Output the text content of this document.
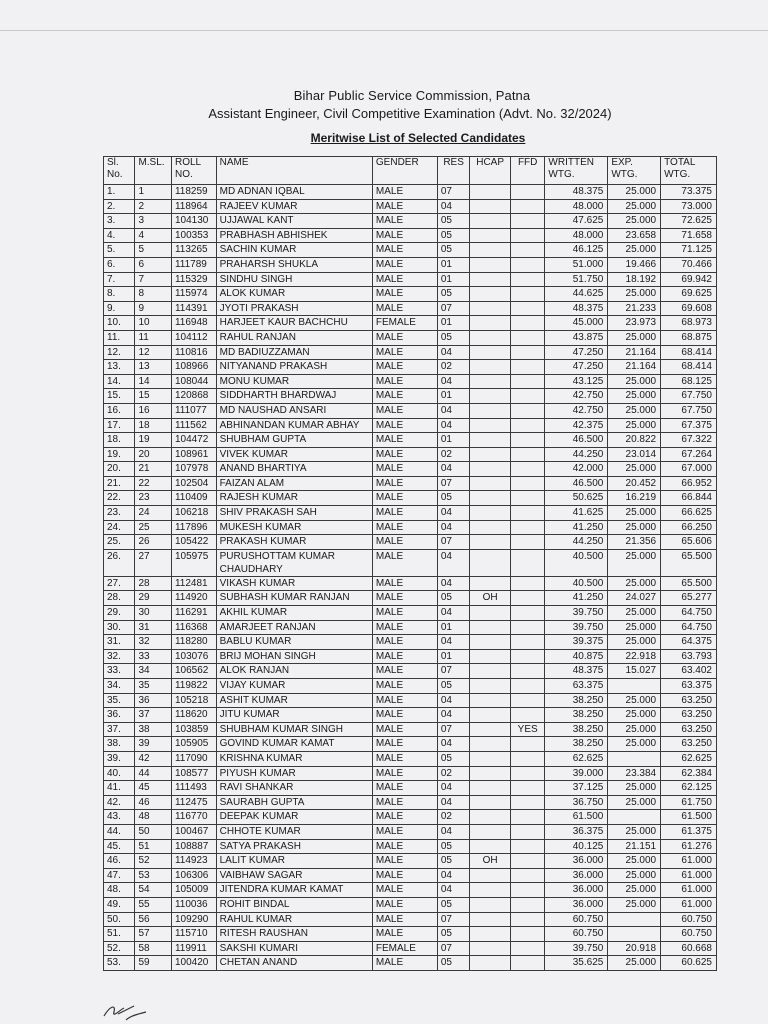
Bihar Public Service Commission, Patna
Assistant Engineer, Civil Competitive Examination (Advt. No. 32/2024)
Meritwise List of Selected Candidates
Sl. No.	M.SL.	ROLL NO.	NAME	GENDER	RES	HCAP	FFD	WRITTEN WTG.	EXP. WTG.	TOTAL WTG.
1.	1	118259	MD ADNAN IQBAL	MALE	07			48.375	25.000	73.375
2.	2	118964	RAJEEV KUMAR	MALE	04			48.000	25.000	73.000
3.	3	104130	UJJAWAL KANT	MALE	05			47.625	25.000	72.625
4.	4	100353	PRABHASH ABHISHEK	MALE	05			48.000	23.658	71.658
5.	5	113265	SACHIN KUMAR	MALE	05			46.125	25.000	71.125
6.	6	111789	PRAHARSH SHUKLA	MALE	01			51.000	19.466	70.466
7.	7	115329	SINDHU SINGH	MALE	01			51.750	18.192	69.942
8.	8	115974	ALOK KUMAR	MALE	05			44.625	25.000	69.625
9.	9	114391	JYOTI PRAKASH	MALE	07			48.375	21.233	69.608
10.	10	116948	HARJEET KAUR BACHCHU	FEMALE	01			45.000	23.973	68.973
11.	11	104112	RAHUL RANJAN	MALE	05			43.875	25.000	68.875
12.	12	110816	MD BADIUZZAMAN	MALE	04			47.250	21.164	68.414
13.	13	108966	NITYANAND PRAKASH	MALE	02			47.250	21.164	68.414
14.	14	108044	MONU KUMAR	MALE	04			43.125	25.000	68.125
15.	15	120868	SIDDHARTH BHARDWAJ	MALE	01			42.750	25.000	67.750
16.	16	111077	MD NAUSHAD ANSARI	MALE	04			42.750	25.000	67.750
17.	18	111562	ABHINANDAN KUMAR ABHAY	MALE	04			42.375	25.000	67.375
18.	19	104472	SHUBHAM GUPTA	MALE	01			46.500	20.822	67.322
19.	20	108961	VIVEK KUMAR	MALE	02			44.250	23.014	67.264
20.	21	107978	ANAND BHARTIYA	MALE	04			42.000	25.000	67.000
21.	22	102504	FAIZAN ALAM	MALE	07			46.500	20.452	66.952
22.	23	110409	RAJESH KUMAR	MALE	05			50.625	16.219	66.844
23.	24	106218	SHIV PRAKASH SAH	MALE	04			41.625	25.000	66.625
24.	25	117896	MUKESH KUMAR	MALE	04			41.250	25.000	66.250
25.	26	105422	PRAKASH KUMAR	MALE	07			44.250	21.356	65.606
26.	27	105975	PURUSHOTTAM KUMAR CHAUDHARY	MALE	04			40.500	25.000	65.500
27.	28	112481	VIKASH KUMAR	MALE	04			40.500	25.000	65.500
28.	29	114920	SUBHASH KUMAR RANJAN	MALE	05	OH		41.250	24.027	65.277
29.	30	116291	AKHIL KUMAR	MALE	04			39.750	25.000	64.750
30.	31	116368	AMARJEET RANJAN	MALE	01			39.750	25.000	64.750
31.	32	118280	BABLU KUMAR	MALE	04			39.375	25.000	64.375
32.	33	103076	BRIJ MOHAN SINGH	MALE	01			40.875	22.918	63.793
33.	34	106562	ALOK RANJAN	MALE	07			48.375	15.027	63.402
34.	35	119822	VIJAY KUMAR	MALE	05			63.375		63.375
35.	36	105218	ASHIT KUMAR	MALE	04			38.250	25.000	63.250
36.	37	118620	JITU KUMAR	MALE	04			38.250	25.000	63.250
37.	38	103859	SHUBHAM KUMAR SINGH	MALE	07		YES	38.250	25.000	63.250
38.	39	105905	GOVIND KUMAR KAMAT	MALE	04			38.250	25.000	63.250
39.	42	117090	KRISHNA KUMAR	MALE	05			62.625		62.625
40.	44	108577	PIYUSH KUMAR	MALE	02			39.000	23.384	62.384
41.	45	111493	RAVI SHANKAR	MALE	04			37.125	25.000	62.125
42.	46	112475	SAURABH GUPTA	MALE	04			36.750	25.000	61.750
43.	48	116770	DEEPAK KUMAR	MALE	02			61.500		61.500
44.	50	100467	CHHOTE KUMAR	MALE	04			36.375	25.000	61.375
45.	51	108887	SATYA PRAKASH	MALE	05			40.125	21.151	61.276
46.	52	114923	LALIT KUMAR	MALE	05	OH		36.000	25.000	61.000
47.	53	106306	VAIBHAW SAGAR	MALE	04			36.000	25.000	61.000
48.	54	105009	JITENDRA KUMAR KAMAT	MALE	04			36.000	25.000	61.000
49.	55	110036	ROHIT BINDAL	MALE	05			36.000	25.000	61.000
50.	56	109290	RAHUL KUMAR	MALE	07			60.750		60.750
51.	57	115710	RITESH RAUSHAN	MALE	05			60.750		60.750
52.	58	119911	SAKSHI KUMARI	FEMALE	07			39.750	20.918	60.668
53.	59	100420	CHETAN ANAND	MALE	05			35.625	25.000	60.625
